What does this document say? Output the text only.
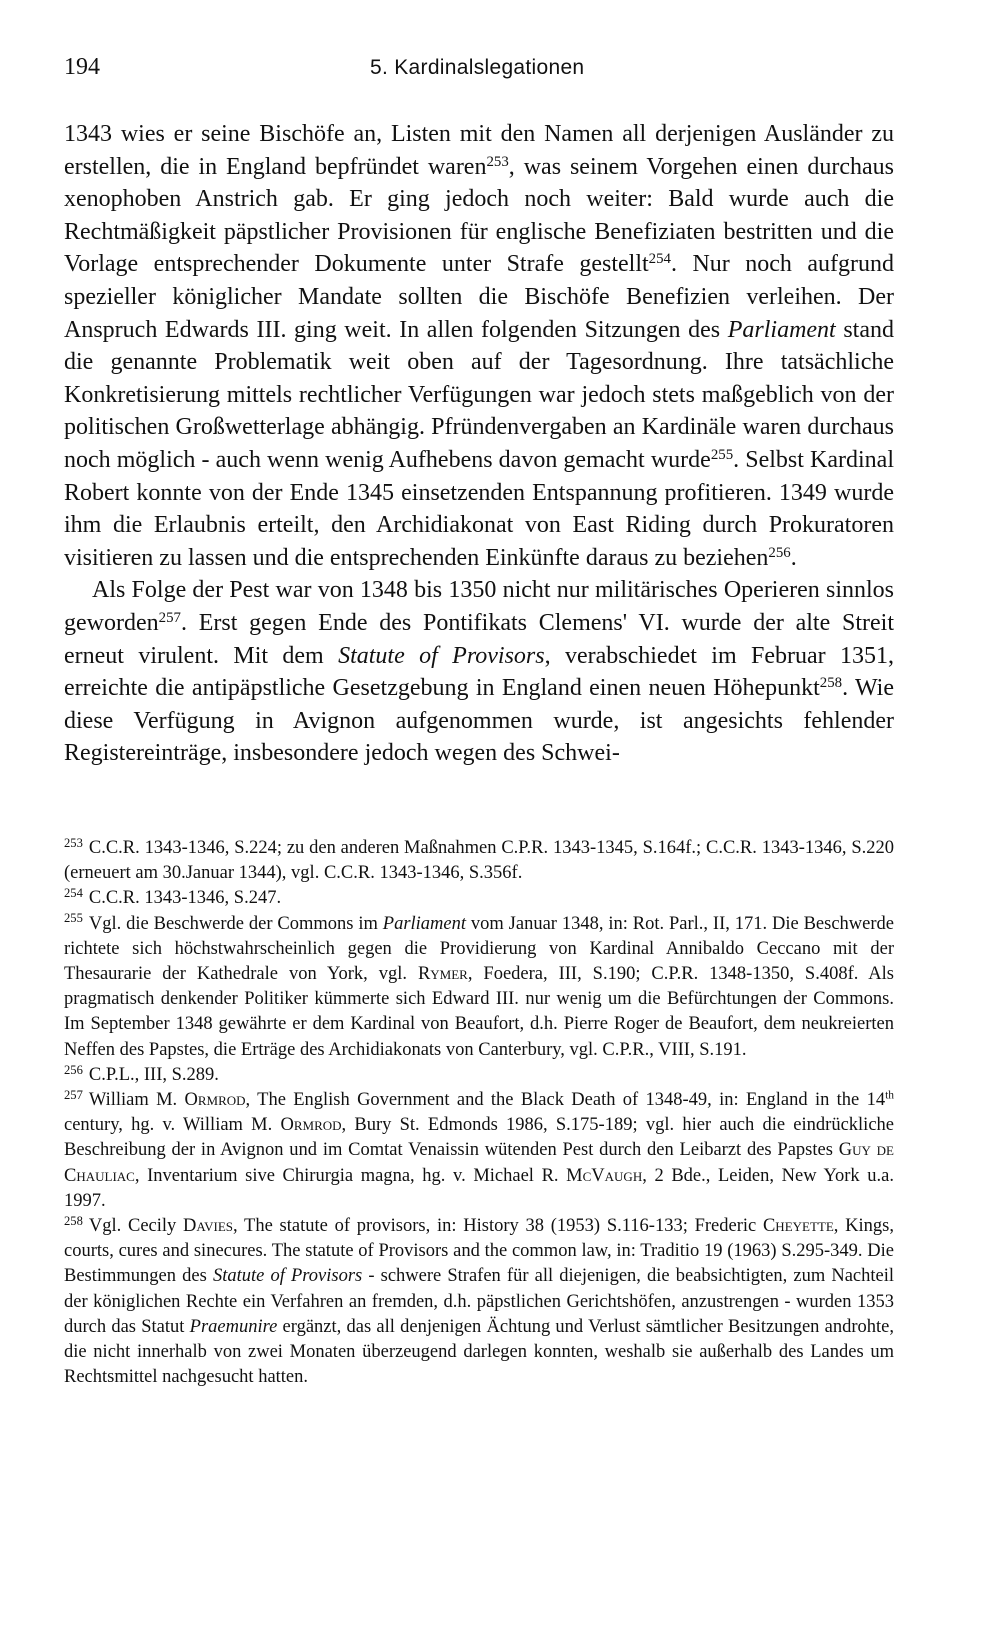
194	5. Kardinalslegationen

1343 wies er seine Bischöfe an, Listen mit den Namen all derjenigen Ausländer zu erstellen, die in England bepfründet waren$^{253}$, was seinem Vorgehen einen durchaus xenophoben Anstrich gab. Er ging jedoch noch weiter: Bald wurde auch die Rechtmäßigkeit päpstlicher Provisionen für englische Benefiziaten bestritten und die Vorlage entsprechender Dokumente unter Strafe gestellt$^{254}$. Nur noch aufgrund spezieller königlicher Mandate sollten die Bischöfe Benefizien verleihen. Der Anspruch Edwards III. ging weit. In allen folgenden Sitzungen des Parliament stand die genannte Problematik weit oben auf der Tagesordnung. Ihre tatsächliche Konkretisierung mittels rechtlicher Verfügungen war jedoch stets maßgeblich von der politischen Großwetterlage abhängig. Pfründenvergaben an Kardinäle waren durchaus noch möglich - auch wenn wenig Aufhebens davon gemacht wurde$^{255}$. Selbst Kardinal Robert konnte von der Ende 1345 einsetzenden Entspannung profitieren. 1349 wurde ihm die Erlaubnis erteilt, den Archidiakonat von East Riding durch Prokuratoren visitieren zu lassen und die entsprechenden Einkünfte daraus zu beziehen$^{256}$.

Als Folge der Pest war von 1348 bis 1350 nicht nur militärisches Operieren sinnlos geworden$^{257}$. Erst gegen Ende des Pontifikats Clemens' VI. wurde der alte Streit erneut virulent. Mit dem Statute of Provisors, verabschiedet im Februar 1351, erreichte die antipäpstliche Gesetzgebung in England einen neuen Höhepunkt$^{258}$. Wie diese Verfügung in Avignon aufgenommen wurde, ist angesichts fehlender Registereinträge, insbesondere jedoch wegen des Schwei-

$^{253}$ C.C.R. 1343-1346, S.224; zu den anderen Maßnahmen C.P.R. 1343-1345, S.164f.; C.C.R. 1343-1346, S.220 (erneuert am 30.Januar 1344), vgl. C.C.R. 1343-1346, S.356f.

$^{254}$ C.C.R. 1343-1346, S.247.

$^{255}$ Vgl. die Beschwerde der Commons im Parliament vom Januar 1348, in: Rot. Parl., II, 171. Die Beschwerde richtete sich höchstwahrscheinlich gegen die Providierung von Kardinal Annibaldo Ceccano mit der Thesaurarie der Kathedrale von York, vgl. Rymer, Foedera, III, S.190; C.P.R. 1348-1350, S.408f. Als pragmatisch denkender Politiker kümmerte sich Edward III. nur wenig um die Befürchtungen der Commons. Im September 1348 gewährte er dem Kardinal von Beaufort, d.h. Pierre Roger de Beaufort, dem neukreierten Neffen des Papstes, die Erträge des Archidiakonats von Canterbury, vgl. C.P.R., VIII, S.191.

$^{256}$ C.P.L., III, S.289.

$^{257}$ William M. Ormrod, The English Government and the Black Death of 1348-49, in: England in the 14th century, hg. v. William M. Ormrod, Bury St. Edmonds 1986, S.175-189; vgl. hier auch die eindrückliche Beschreibung der in Avignon und im Comtat Venaissin wütenden Pest durch den Leibarzt des Papstes Guy de Chauliac, Inventarium sive Chirurgia magna, hg. v. Michael R. McVaugh, 2 Bde., Leiden, New York u.a. 1997.

$^{258}$ Vgl. Cecily Davies, The statute of provisors, in: History 38 (1953) S.116-133; Frederic Cheyette, Kings, courts, cures and sinecures. The statute of Provisors and the common law, in: Traditio 19 (1963) S.295-349. Die Bestimmungen des Statute of Provisors - schwere Strafen für all diejenigen, die beabsichtigten, zum Nachteil der königlichen Rechte ein Verfahren an fremden, d.h. päpstlichen Gerichtshöfen, anzustrengen - wurden 1353 durch das Statut Praemunire ergänzt, das all denjenigen Ächtung und Verlust sämtlicher Besitzungen androhte, die nicht innerhalb von zwei Monaten überzeugend darlegen konnten, weshalb sie außerhalb des Landes um Rechtsmittel nachgesucht hatten.
